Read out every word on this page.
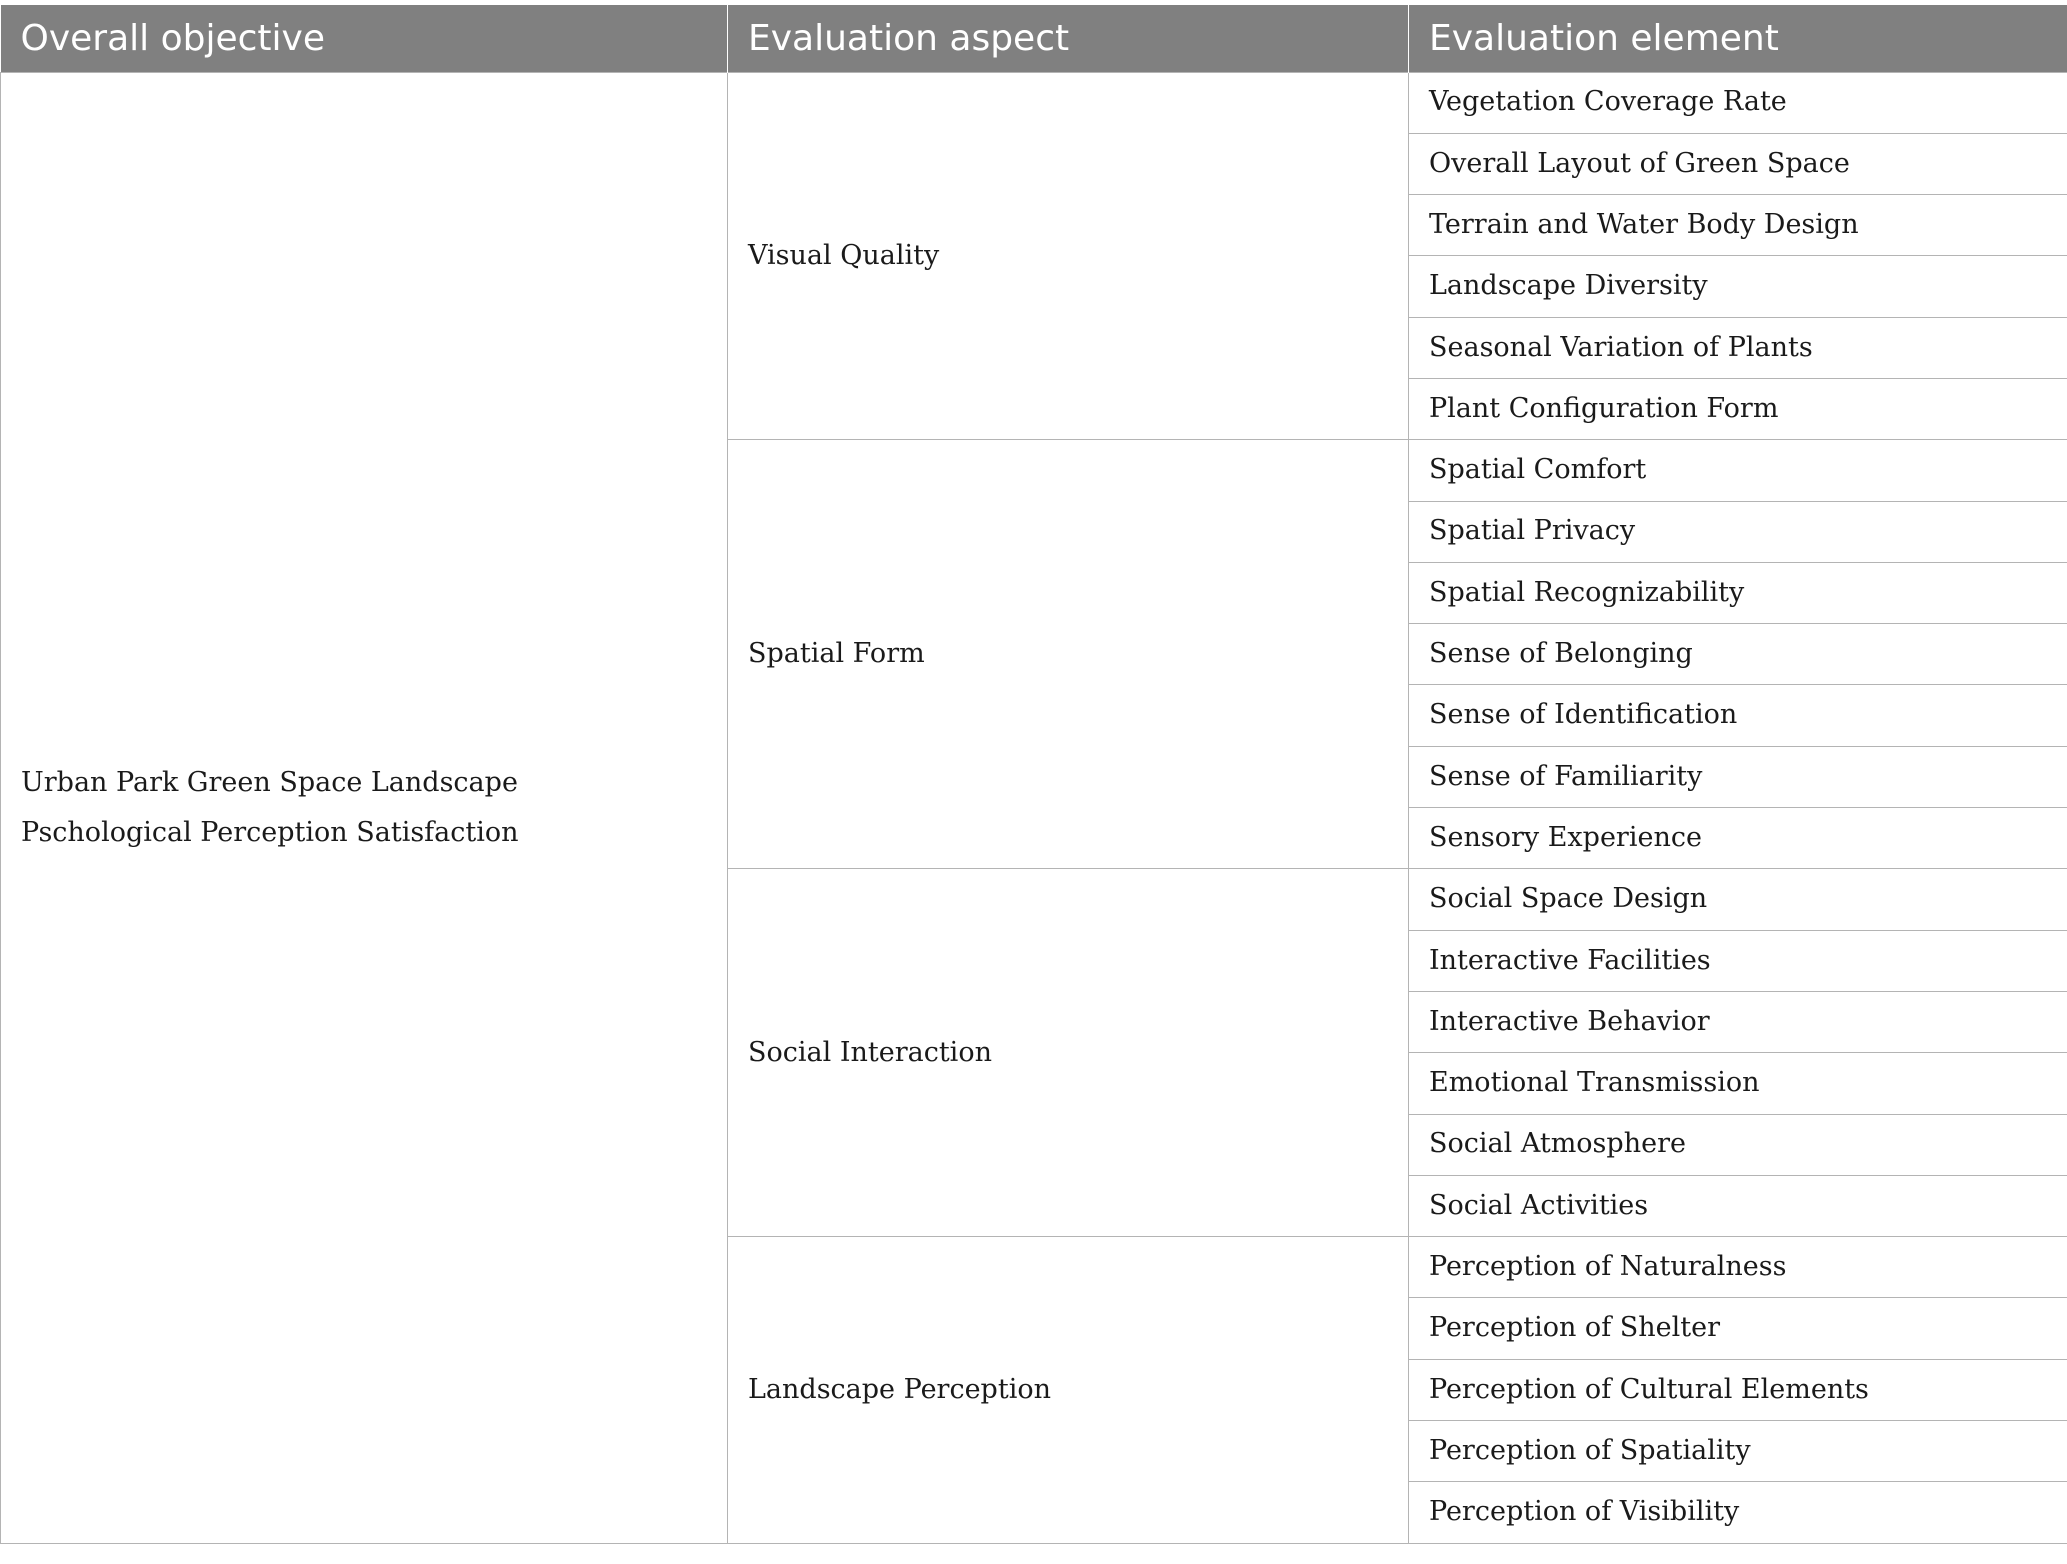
Overall objective	Evaluation aspect	Evaluation element
Urban Park Green Space Landscape Pschological Perception Satisfaction	Visual Quality	Vegetation Coverage Rate
		Overall Layout of Green Space
		Terrain and Water Body Design
		Landscape Diversity
		Seasonal Variation of Plants
		Plant Configuration Form
	Spatial Form	Spatial Comfort
		Spatial Privacy
		Spatial Recognizability
		Sense of Belonging
		Sense of Identification
		Sense of Familiarity
		Sensory Experience
	Social Interaction	Social Space Design
		Interactive Facilities
		Interactive Behavior
		Emotional Transmission
		Social Atmosphere
		Social Activities
	Landscape Perception	Perception of Naturalness
		Perception of Shelter
		Perception of Cultural Elements
		Perception of Spatiality
		Perception of Visibility
